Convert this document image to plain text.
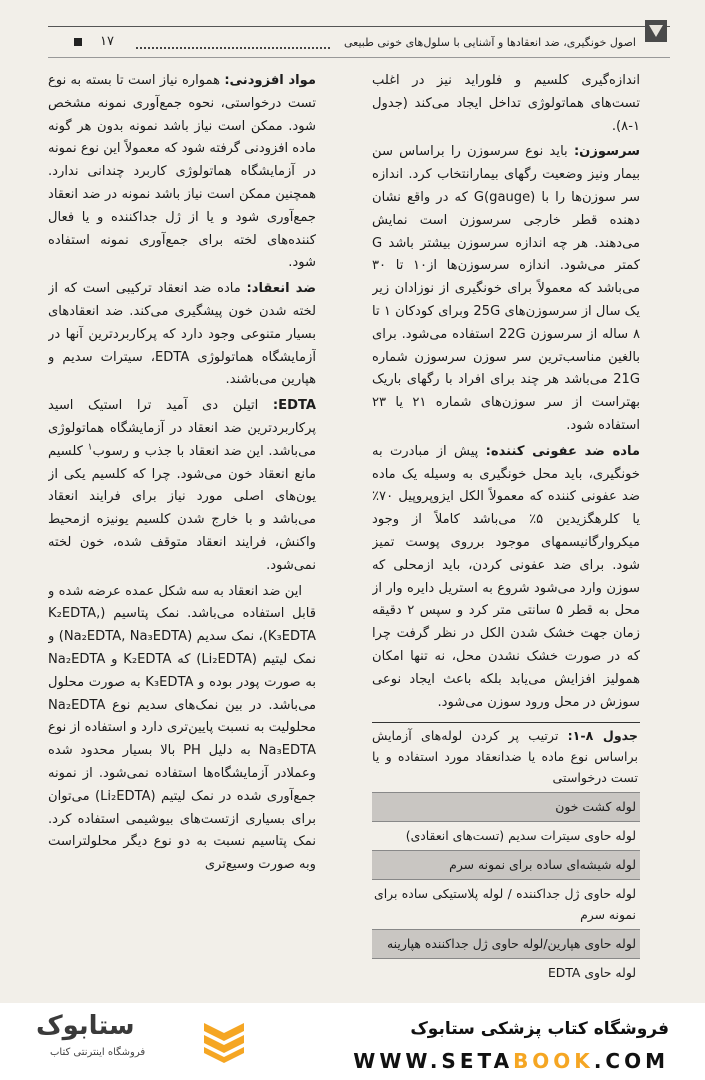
اصول خونگیری، ضد انعقادها و آشنایی با سلول‌های خونی طبیعی
۱۷

اندازه‌گیری کلسیم و فلوراید نیز در اغلب تست‌های هماتولوژی تداخل ایجاد می‌کند (جدول ۱-۸).

سرسوزن: باید نوع سرسوزن را براساس سن بیمار ونیز وضعیت رگهای بیمارانتخاب کرد. اندازه سر سوزن‌ها را با G(gauge) که در واقع نشان دهنده قطر خارجی سرسوزن است نمایش می‌دهند. هر چه اندازه سرسوزن بیشتر باشد G کمتر می‌شود. اندازه سرسوزن‌ها از۱۰ تا ۳۰ می‌باشد که معمولاً برای خونگیری از نوزادان زیر یک سال از سرسوزن‌های 25G وبرای کودکان ۱ تا ۸ ساله از سرسوزن 22G استفاده می‌شود. برای بالغین مناسب‌ترین سر سوزن سرسوزن شماره 21G می‌باشد هر چند برای افراد با رگهای باریک بهتراست از سر سوزن‌های شماره ۲۱ یا ۲۳ استفاده شود.

ماده ضد عفونی کننده: پیش از مبادرت به خونگیری، باید محل خونگیری به وسیله یک ماده ضد عفونی کننده که معمولاً الکل ایزوپروپیل ۷۰٪ یا کلرهگزیدین ۵٪ می‌باشد کاملاً از وجود میکروارگانیسمهای موجود برروی پوست تمیز شود. برای ضد عفونی کردن، باید ازمحلی که سوزن وارد می‌شود شروع به استریل دایره وار از محل به قطر ۵ سانتی متر کرد و سپس ۲ دقیقه زمان جهت خشک شدن الکل در نظر گرفت چرا که در صورت خشک نشدن محل، نه تنها امکان همولیز افزایش می‌یابد بلکه باعث ایجاد نوعی سوزش در محل ورود سوزن می‌شود.

جدول ۸-۱: ترتیب پر کردن لوله‌های آزمایش براساس نوع ماده یا ضدانعقاد مورد استفاده و یا تست درخواستی
لوله کشت خون
لوله حاوی سیترات سدیم (تست‌های انعقادی)
لوله شیشه‌ای ساده برای نمونه سرم
لوله حاوی ژل جداکننده / لوله پلاستیکی ساده برای نمونه سرم
لوله حاوی هپارین/لوله حاوی ژل جداکننده هپارینه
لوله حاوی EDTA

مواد افزودنی: همواره نیاز است تا بسته به نوع تست درخواستی، نحوه جمع‌آوری نمونه مشخص شود. ممکن است نیاز باشد نمونه بدون هر گونه ماده افزودنی گرفته شود که معمولاً این نوع نمونه در آزمایشگاه هماتولوژی کاربرد چندانی ندارد. همچنین ممکن است نیاز باشد نمونه در ضد انعقاد جمع‌آوری شود و یا از ژل جداکننده و یا فعال کننده‌های لخته برای جمع‌آوری نمونه استفاده شود.

ضد انعقاد: ماده ضد انعقاد ترکیبی است که از لخته شدن خون پیشگیری می‌کند. ضد انعقادهای بسیار متنوعی وجود دارد که پرکاربردترین آنها در آزمایشگاه هماتولوژی EDTA، سیترات سدیم و هپارین می‌باشند.

EDTA: اتیلن دی آمید ترا استیک اسید پرکاربردترین ضد انعقاد در آزمایشگاه هماتولوژی می‌باشد. این ضد انعقاد با جذب و رسوب$^۱$ کلسیم مانع انعقاد خون می‌شود. چرا که کلسیم یکی از یون‌های اصلی مورد نیاز برای فرایند انعقاد می‌باشد و با خارج شدن کلسیم یونیزه ازمحیط واکنش، فرایند انعقاد متوقف شده، خون لخته نمی‌شود.

این ضد انعقاد به سه شکل عمده عرضه شده و قابل استفاده می‌باشد. نمک پتاسیم (K₂EDTA, K₃EDTA)، نمک سدیم (Na₂EDTA, Na₃EDTA) و نمک لیتیم (Li₂EDTA) که K₂EDTA و Na₂EDTA به صورت پودر بوده و K₃EDTA به صورت محلول می‌باشد. در بین نمک‌های سدیم نوع Na₂EDTA محلولیت به نسبت پایین‌تری دارد و استفاده از نوع Na₃EDTA به دلیل PH بالا بسیار محدود شده وعملادر آزمایشگاه‌ها استفاده نمی‌شود. از نمونه جمع‌آوری شده در نمک لیتیم (Li₂EDTA) می‌توان برای بسیاری ازتست‌های بیوشیمی استفاده کرد. نمک پتاسیم نسبت به دو نوع دیگر محلولتراست وبه صورت وسیع‌تری

ستابوک
فروشگاه اینترنتی کتاب
فروشگاه کتاب پزشکی ستابوک
WWW.SETABOOK.COM
